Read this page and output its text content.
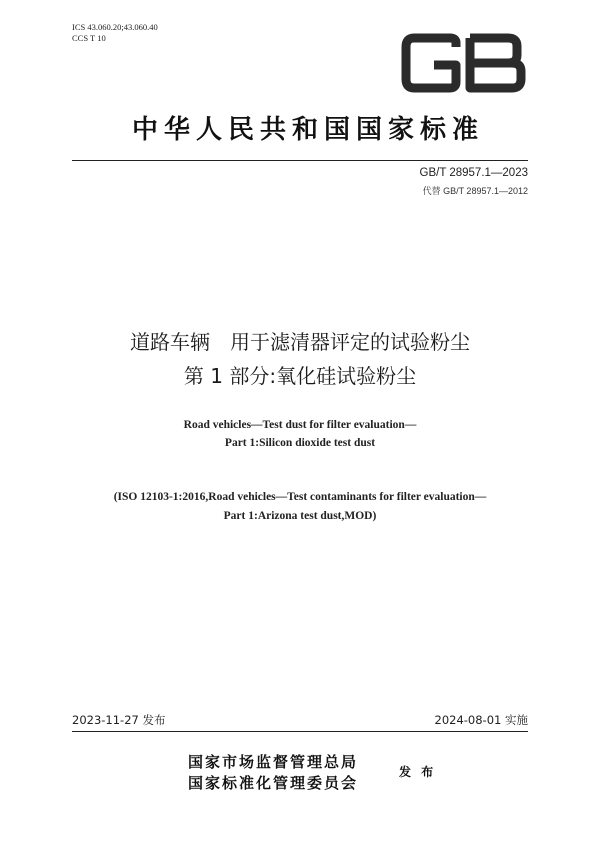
ICS 43.060.20;43.060.40
CCS T 10
中华人民共和国国家标准
GB/T 28957.1—2023
代替 GB/T 28957.1—2012
道路车辆　用于滤清器评定的试验粉尘
第 1 部分:氧化硅试验粉尘
Road vehicles—Test dust for filter evaluation—
Part 1:Silicon dioxide test dust
(ISO 12103-1:2016,Road vehicles—Test contaminants for filter evaluation—
Part 1:Arizona test dust,MOD)
2023-11-27 发布	2024-08-01 实施
国家市场监督管理总局
国家标准化管理委员会
发 布
